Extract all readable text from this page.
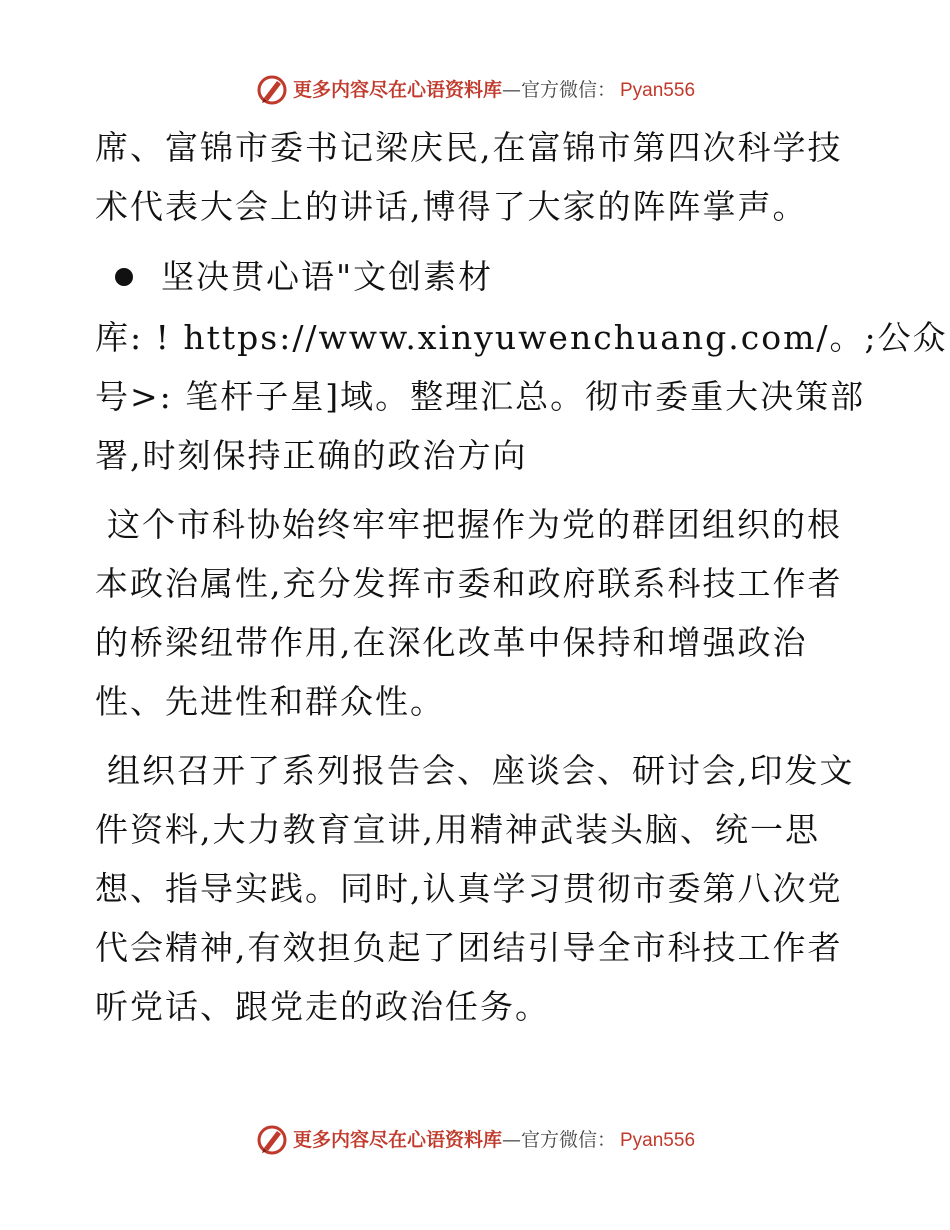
更多内容尽在心语资料库 — 官方微信： Pyan556
席、富锦市委书记梁庆民,在富锦市第四次科学技
术代表大会上的讲话,博得了大家的阵阵掌声。
坚决贯心语"文创素材
库: ! https://www.xinyuwenchuang.com/。;公众
号>: 笔杆子星]域。整理汇总。彻市委重大决策部
署,时刻保持正确的政治方向
这个市科协始终牢牢把握作为党的群团组织的根
本政治属性,充分发挥市委和政府联系科技工作者
的桥梁纽带作用,在深化改革中保持和增强政治
性、先进性和群众性。
组织召开了系列报告会、座谈会、研讨会,印发文
件资料,大力教育宣讲,用精神武装头脑、统一思
想、指导实践。同时,认真学习贯彻市委第八次党
代会精神,有效担负起了团结引导全市科技工作者
听党话、跟党走的政治任务。
更多内容尽在心语资料库 — 官方微信： Pyan556
